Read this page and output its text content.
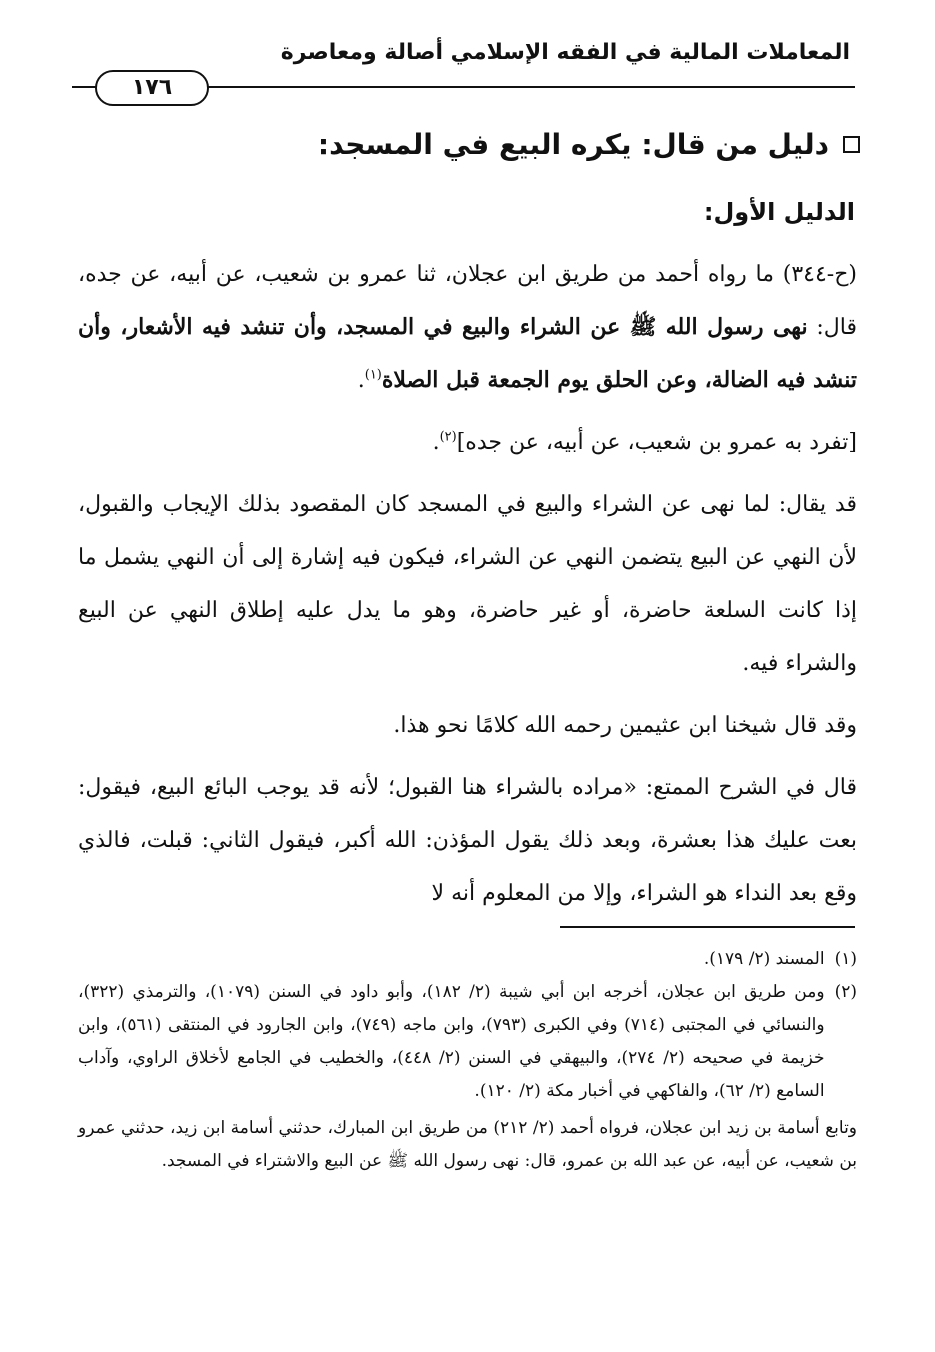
المعاملات المالية في الفقه الإسلامي أصالة ومعاصرة
١٧٦
دليل من قال: يكره البيع في المسجد:
الدليل الأول:

(ح-٣٤٤) ما رواه أحمد من طريق ابن عجلان، ثنا عمرو بن شعيب، عن أبيه، عن جده، قال: نهى رسول الله ﷺ عن الشراء والبيع في المسجد، وأن تنشد فيه الأشعار، وأن تنشد فيه الضالة، وعن الحلق يوم الجمعة قبل الصلاة$^{(١)}$.

[تفرد به عمرو بن شعيب، عن أبيه، عن جده]$^{(٢)}$.

قد يقال: لما نهى عن الشراء والبيع في المسجد كان المقصود بذلك الإيجاب والقبول، لأن النهي عن البيع يتضمن النهي عن الشراء، فيكون فيه إشارة إلى أن النهي يشمل ما إذا كانت السلعة حاضرة، أو غير حاضرة، وهو ما يدل عليه إطلاق النهي عن البيع والشراء فيه.

وقد قال شيخنا ابن عثيمين رحمه الله كلامًا نحو هذا.

قال في الشرح الممتع: «مراده بالشراء هنا القبول؛ لأنه قد يوجب البائع البيع، فيقول: بعت عليك هذا بعشرة، وبعد ذلك يقول المؤذن: الله أكبر، فيقول الثاني: قبلت، فالذي وقع بعد النداء هو الشراء، وإلا من المعلوم أنه لا

(١)
المسند (٢/ ١٧٩).

(٢)
ومن طريق ابن عجلان، أخرجه ابن أبي شيبة (٢/ ١٨٢)، وأبو داود في السنن (١٠٧٩)، والترمذي (٣٢٢)، والنسائي في المجتبى (٧١٤) وفي الكبرى (٧٩٣)، وابن ماجه (٧٤٩)، وابن الجارود في المنتقى (٥٦١)، وابن خزيمة في صحيحه (٢/ ٢٧٤)، والبيهقي في السنن (٢/ ٤٤٨)، والخطيب في الجامع لأخلاق الراوي، وآداب السامع (٢/ ٦٢)، والفاكهي في أخبار مكة (٢/ ١٢٠).

وتابع أسامة بن زيد ابن عجلان، فرواه أحمد (٢/ ٢١٢) من طريق ابن المبارك، حدثني أسامة ابن زيد، حدثني عمرو بن شعيب، عن أبيه، عن عبد الله بن عمرو، قال: نهى رسول الله ﷺ عن البيع والاشتراء في المسجد.
